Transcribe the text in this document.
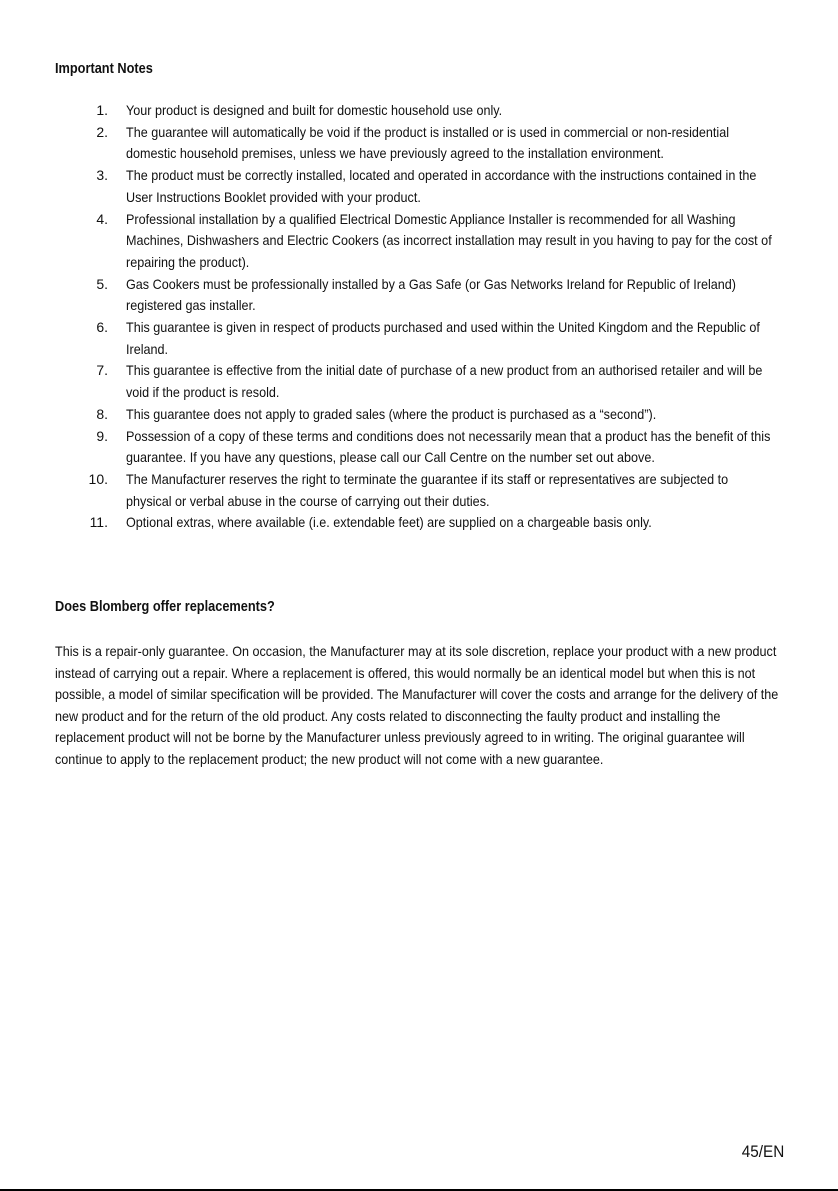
Important Notes
1. Your product is designed and built for domestic household use only.
2. The guarantee will automatically be void if the product is installed or is used in commercial or non-residential domestic household premises, unless we have previously agreed to the installation environment.
3. The product must be correctly installed, located and operated in accordance with the instructions contained in the User Instructions Booklet provided with your product.
4. Professional installation by a qualified Electrical Domestic Appliance Installer is recommended for all Washing Machines, Dishwashers and Electric Cookers (as incorrect installation may result in you having to pay for the cost of repairing the product).
5. Gas Cookers must be professionally installed by a Gas Safe (or Gas Networks Ireland for Republic of Ireland) registered gas installer.
6. This guarantee is given in respect of products purchased and used within the United Kingdom and the Republic of Ireland.
7. This guarantee is effective from the initial date of purchase of a new product from an authorised retailer and will be void if the product is resold.
8. This guarantee does not apply to graded sales (where the product is purchased as a “second”).
9. Possession of a copy of these terms and conditions does not necessarily mean that a product has the benefit of this guarantee. If you have any questions, please call our Call Centre on the number set out above.
10. The Manufacturer reserves the right to terminate the guarantee if its staff or representatives are subjected to physical or verbal abuse in the course of carrying out their duties.
11. Optional extras, where available (i.e. extendable feet) are supplied on a chargeable basis only.
Does Blomberg offer replacements?

This is a repair-only guarantee. On occasion, the Manufacturer may at its sole discretion, replace your product with a new product instead of carrying out a repair. Where a replacement is offered, this would normally be an identical model but when this is not possible, a model of similar specification will be provided. The Manufacturer will cover the costs and arrange for the delivery of the new product and for the return of the old product. Any costs related to disconnecting the faulty product and installing the replacement product will not be borne by the Manufacturer unless previously agreed to in writing. The original guarantee will continue to apply to the replacement product; the new product will not come with a new guarantee.

45/EN
